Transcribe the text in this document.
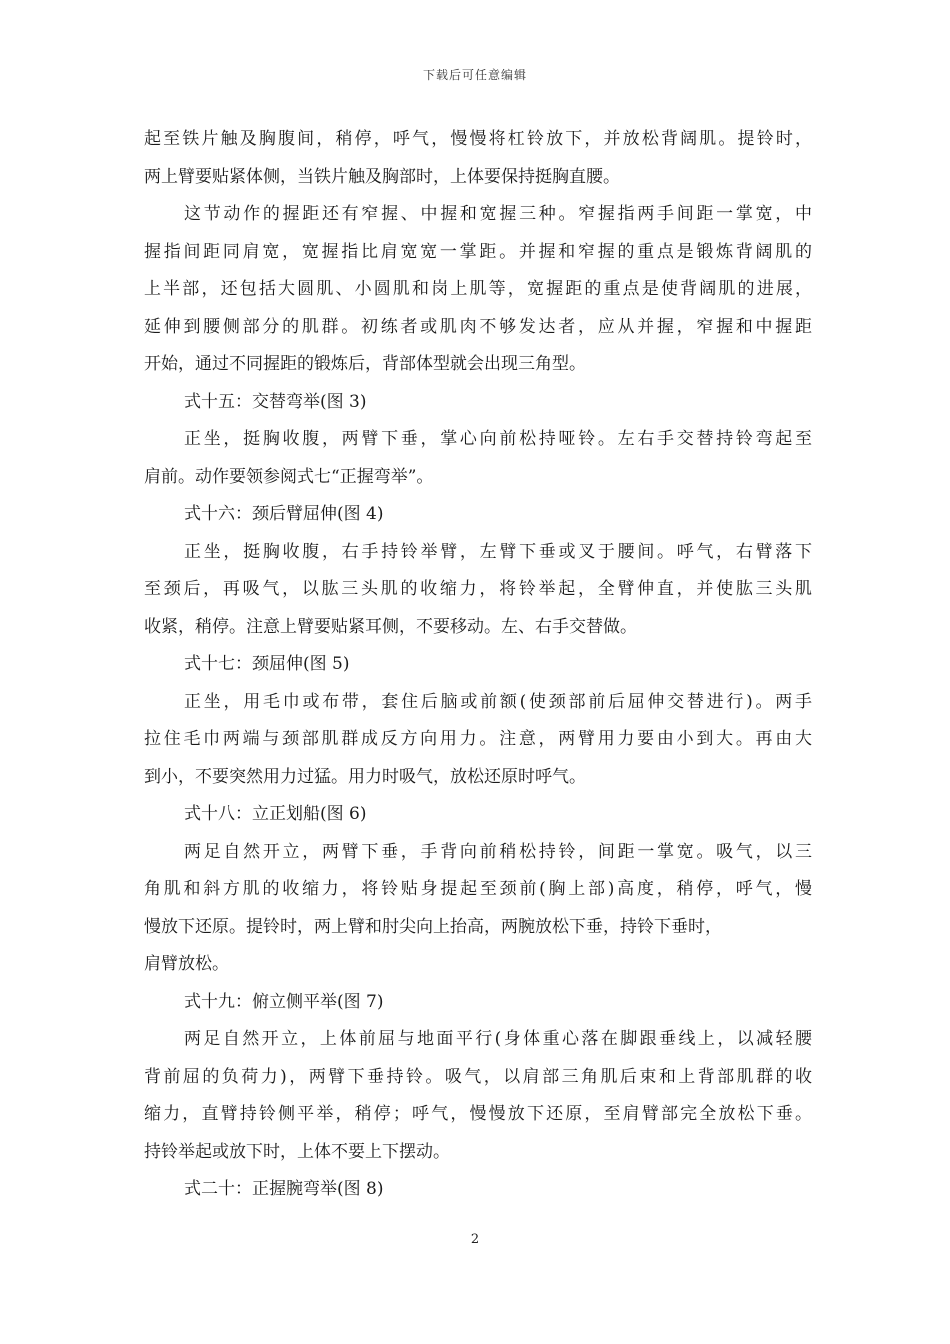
下载后可任意编辑
起至铁片触及胸腹间，稍停，呼气，慢慢将杠铃放下，并放松背阔肌。提铃时，
两上臂要贴紧体侧，当铁片触及胸部时，上体要保持挺胸直腰。
这节动作的握距还有窄握、中握和宽握三种。窄握指两手间距一掌宽，中
握指间距同肩宽，宽握指比肩宽宽一掌距。并握和窄握的重点是锻炼背阔肌的
上半部，还包括大圆肌、小圆肌和岗上肌等，宽握距的重点是使背阔肌的进展，
延伸到腰侧部分的肌群。初练者或肌肉不够发达者，应从并握，窄握和中握距
开始，通过不同握距的锻炼后，背部体型就会出现三角型。
式十五：交替弯举(图 3)
正坐，挺胸收腹，两臂下垂，掌心向前松持哑铃。左右手交替持铃弯起至
肩前。动作要领参阅式七“正握弯举”。
式十六：颈后臂屈伸(图 4)
正坐，挺胸收腹，右手持铃举臂，左臂下垂或叉于腰间。呼气，右臂落下
至颈后，再吸气，以肱三头肌的收缩力，将铃举起，全臂伸直，并使肱三头肌
收紧，稍停。注意上臂要贴紧耳侧，不要移动。左、右手交替做。
式十七：颈屈伸(图 5)
正坐，用毛巾或布带，套住后脑或前额(使颈部前后屈伸交替进行)。两手
拉住毛巾两端与颈部肌群成反方向用力。注意，两臂用力要由小到大。再由大
到小，不要突然用力过猛。用力时吸气，放松还原时呼气。
式十八：立正划船(图 6)
两足自然开立，两臂下垂，手背向前稍松持铃，间距一掌宽。吸气，以三
角肌和斜方肌的收缩力，将铃贴身提起至颈前(胸上部)高度，稍停，呼气，慢
慢放下还原。提铃时，两上臂和肘尖向上抬高，两腕放松下垂，持铃下垂时，
肩臂放松。
式十九：俯立侧平举(图 7)
两足自然开立，上体前屈与地面平行(身体重心落在脚跟垂线上，以减轻腰
背前屈的负荷力)，两臂下垂持铃。吸气，以肩部三角肌后束和上背部肌群的收
缩力，直臂持铃侧平举，稍停；呼气，慢慢放下还原，至肩臂部完全放松下垂。
持铃举起或放下时，上体不要上下摆动。
式二十：正握腕弯举(图 8)
2
